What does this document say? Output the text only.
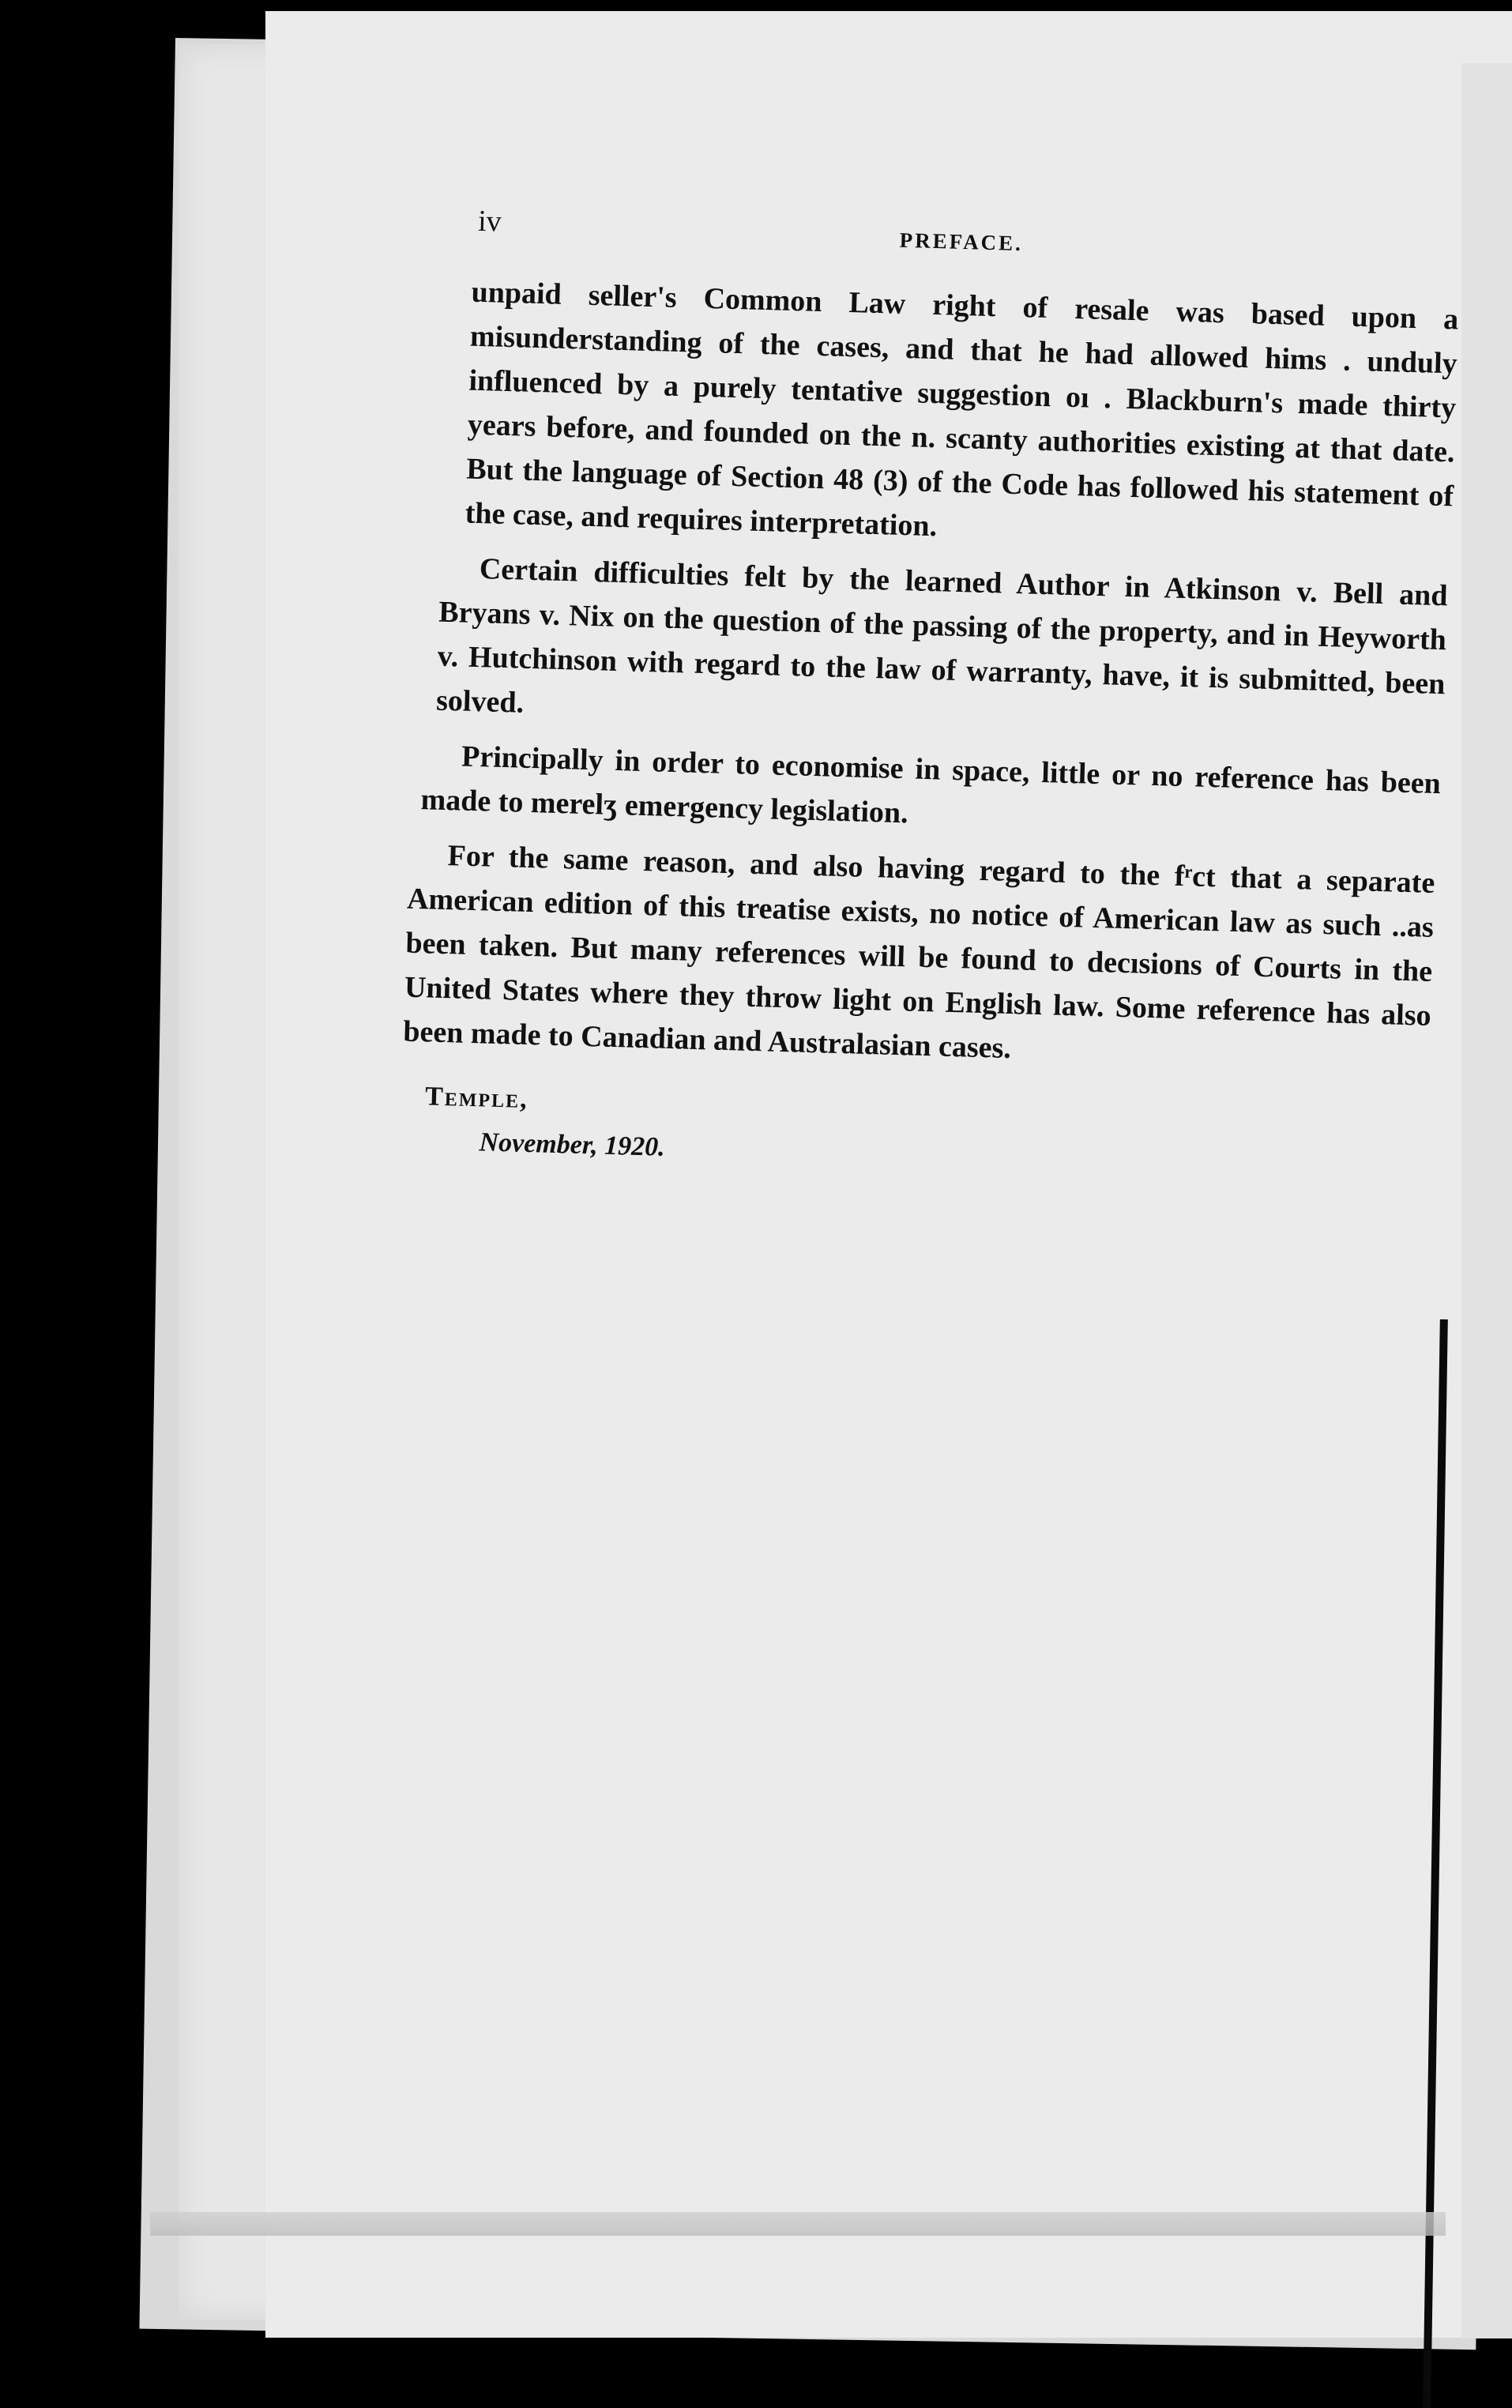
iv
PREFACE.

unpaid seller's Common Law right of resale was based upon a misunderstanding of the cases, and that he had allowed hims . unduly influenced by a purely tentative suggestion oı . Blackburn's made thirty years before, and founded on the n. scanty authorities existing at that date. But the language of Section 48 (3) of the Code has followed his statement of the case, and requires interpretation.

Certain difficulties felt by the learned Author in Atkinson v. Bell and Bryans v. Nix on the question of the passing of the property, and in Heyworth v. Hutchinson with regard to the law of warranty, have, it is submitted, been solved.

Principally in order to economise in space, little or no reference has been made to merelʒ emergency legislation.

For the same reason, and also having regard to the fʳct that a separate American edition of this treatise exists, no notice of American law as such ..as been taken. But many references will be found to decısions of Courts in the United States where they throw light on English law. Some reference has also been made to Canadian and Australasian cases.

Temple,
November, 1920.
